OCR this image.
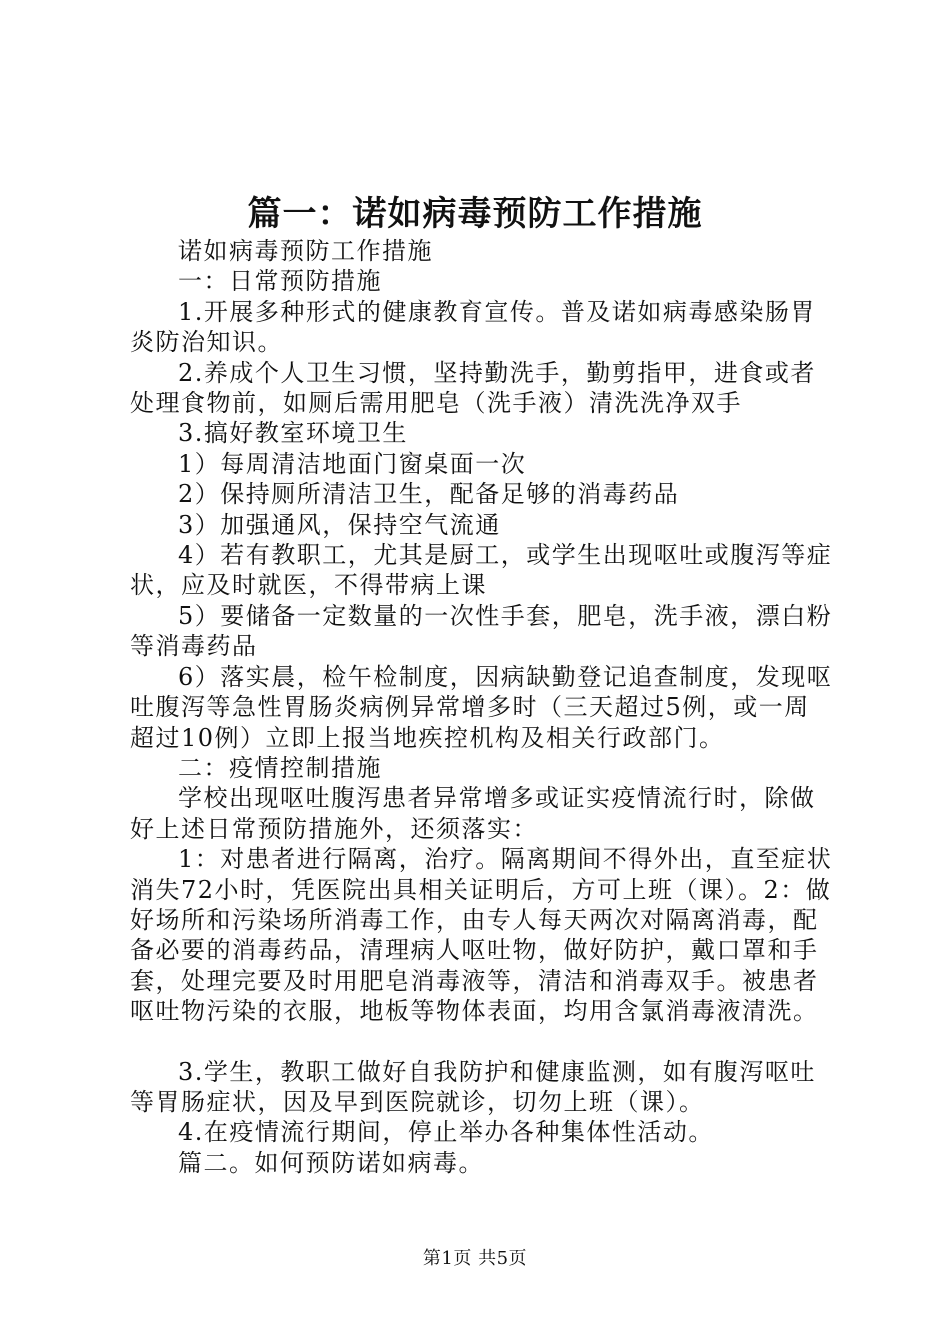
篇一：诺如病毒预防工作措施

诺如病毒预防工作措施

一：日常预防措施

1.开展多种形式的健康教育宣传。普及诺如病毒感染肠胃炎防治知识。

2.养成个人卫生习惯，坚持勤洗手，勤剪指甲，进食或者处理食物前，如厕后需用肥皂（洗手液）清洗洗净双手

3.搞好教室环境卫生

1）每周清洁地面门窗桌面一次

2）保持厕所清洁卫生，配备足够的消毒药品

3）加强通风，保持空气流通

4）若有教职工，尤其是厨工，或学生出现呕吐或腹泻等症状，应及时就医，不得带病上课

5）要储备一定数量的一次性手套，肥皂，洗手液，漂白粉等消毒药品

6）落实晨，检午检制度，因病缺勤登记追查制度，发现呕吐腹泻等急性胃肠炎病例异常增多时（三天超过5例，或一周超过10例）立即上报当地疾控机构及相关行政部门。

二：疫情控制措施

学校出现呕吐腹泻患者异常增多或证实疫情流行时，除做好上述日常预防措施外，还须落实：

1：对患者进行隔离，治疗。隔离期间不得外出，直至症状消失72小时，凭医院出具相关证明后，方可上班（课）。2：做好场所和污染场所消毒工作，由专人每天两次对隔离消毒，配备必要的消毒药品，清理病人呕吐物，做好防护，戴口罩和手套，处理完要及时用肥皂消毒液等，清洁和消毒双手。被患者呕吐物污染的衣服，地板等物体表面，均用含氯消毒液清洗。

3.学生，教职工做好自我防护和健康监测，如有腹泻呕吐等胃肠症状，因及早到医院就诊，切勿上班（课）。

4.在疫情流行期间，停止举办各种集体性活动。

篇二。如何预防诺如病毒。

第1页 共5页
